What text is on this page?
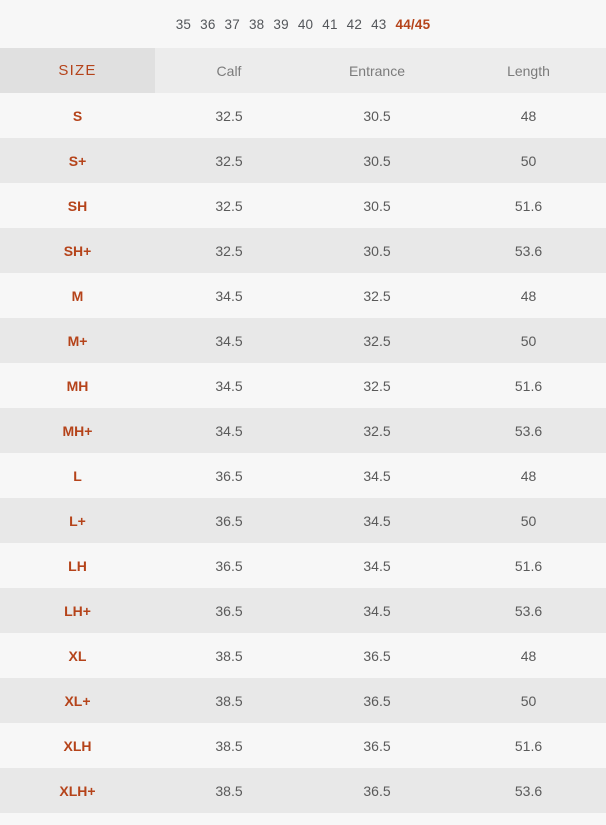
35 36 37 38 39 40 41 42 43 44/45
SIZE	Calf	Entrance	Length
S	32.5	30.5	48
S+	32.5	30.5	50
SH	32.5	30.5	51.6
SH+	32.5	30.5	53.6
M	34.5	32.5	48
M+	34.5	32.5	50
MH	34.5	32.5	51.6
MH+	34.5	32.5	53.6
L	36.5	34.5	48
L+	36.5	34.5	50
LH	36.5	34.5	51.6
LH+	36.5	34.5	53.6
XL	38.5	36.5	48
XL+	38.5	36.5	50
XLH	38.5	36.5	51.6
XLH+	38.5	36.5	53.6
